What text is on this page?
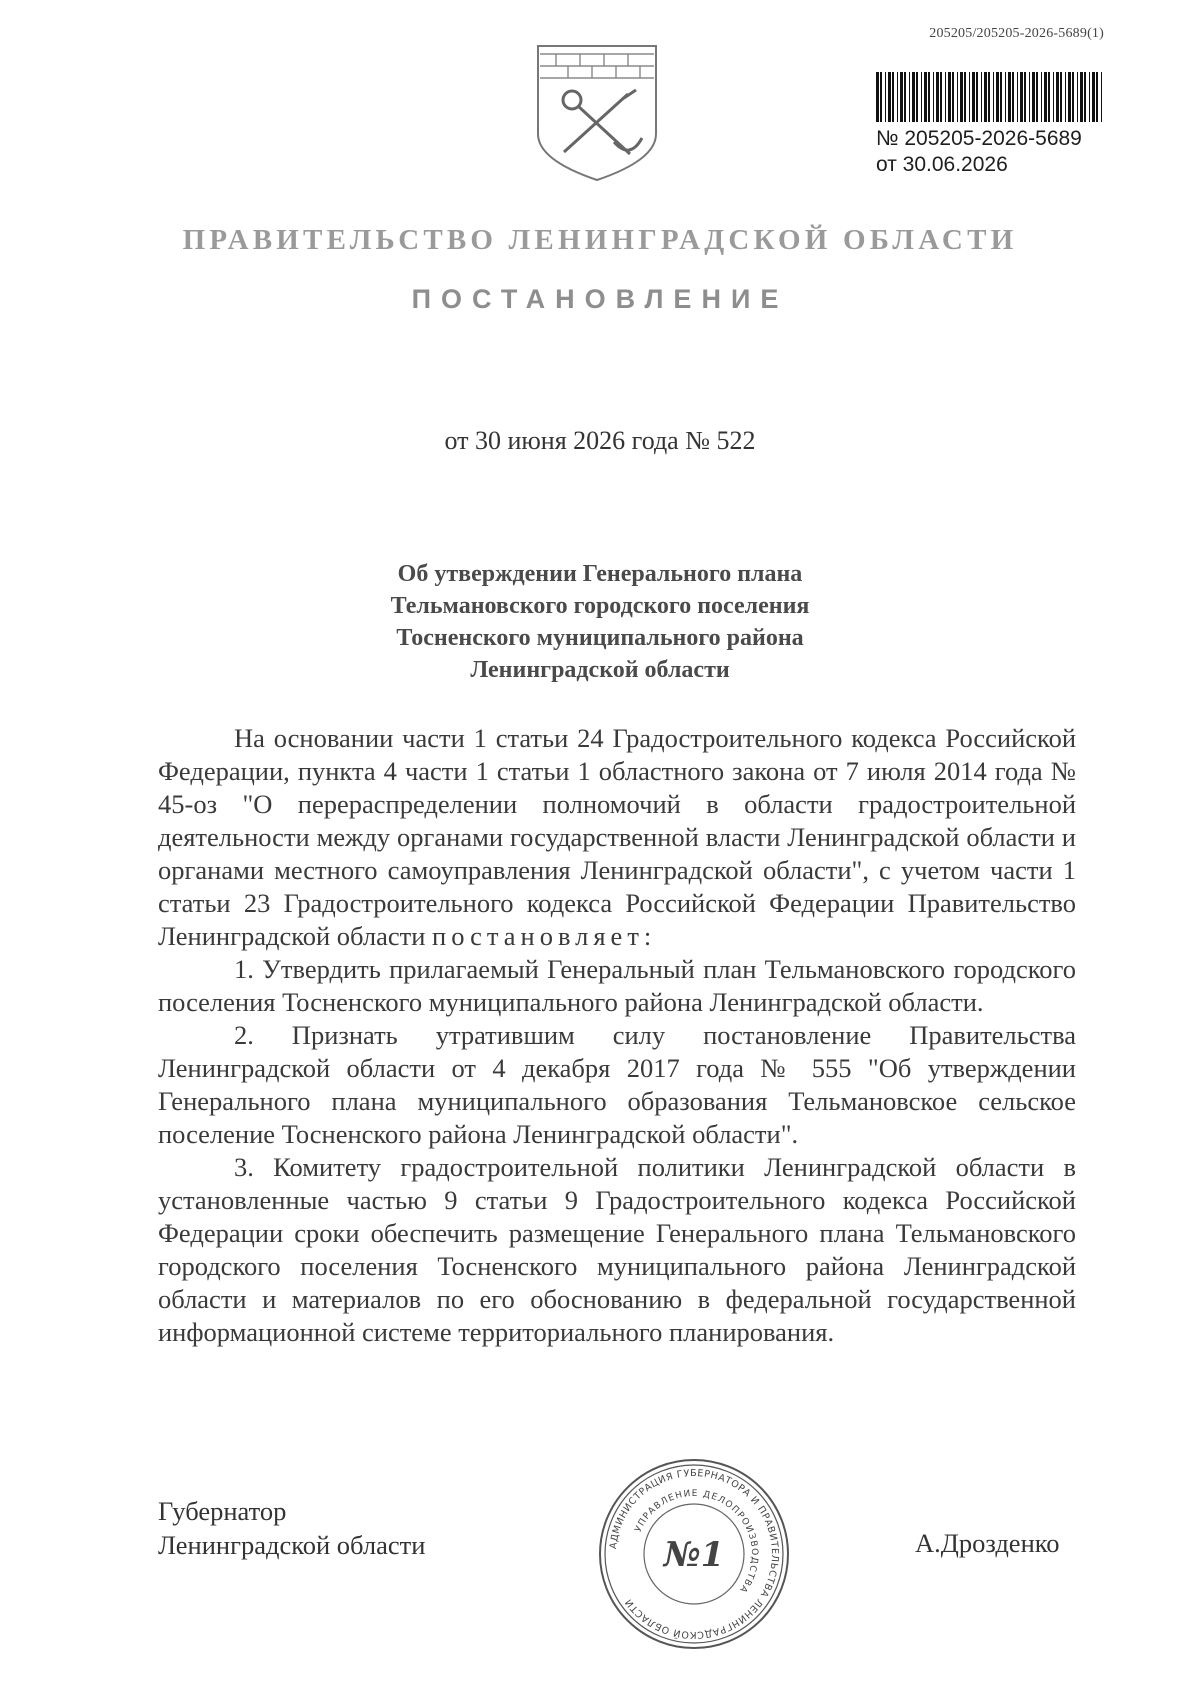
205205/205205-2026-5689(1)
№ 205205-2026-5689
от 30.06.2026
ПРАВИТЕЛЬСТВО ЛЕНИНГРАДСКОЙ ОБЛАСТИ
ПОСТАНОВЛЕНИЕ
от 30 июня 2026 года № 522
Об утверждении Генерального плана
Тельмановского городского поселения
Тосненского муниципального района
Ленинградской области

На основании части 1 статьи 24 Градостроительного кодекса Российской Федерации, пункта 4 части 1 статьи 1 областного закона от 7 июля 2014 года № 45-оз "О перераспределении полномочий в области градостроительной деятельности между органами государственной власти Ленинградской области и органами местного самоуправления Ленинградской области", с учетом части 1 статьи 23 Градостроительного кодекса Российской Федерации Правительство Ленинградской области постановляет:

1. Утвердить прилагаемый Генеральный план Тельмановского городского поселения Тосненского муниципального района Ленинградской области.

2. Признать утратившим силу постановление Правительства Ленинградской области от 4 декабря 2017 года № 555 "Об утверждении Генерального плана муниципального образования Тельмановское сельское поселение Тосненского района Ленинградской области".

3. Комитету градостроительной политики Ленинградской области в установленные частью 9 статьи 9 Градостроительного кодекса Российской Федерации сроки обеспечить размещение Генерального плана Тельмановского городского поселения Тосненского муниципального района Ленинградской области и материалов по его обоснованию в федеральной государственной информационной системе территориального планирования.

Губернатор
Ленинградской области	АДМИНИСТРАЦИЯ ГУБЕРНАТОРА И ПРАВИТЕЛЬСТВА ЛЕНИНГРАДСКОЙ ОБЛАСТИ
УПРАВЛЕНИЕ ДЕЛОПРОИЗВОДСТВА
№1	А.Дрозденко
